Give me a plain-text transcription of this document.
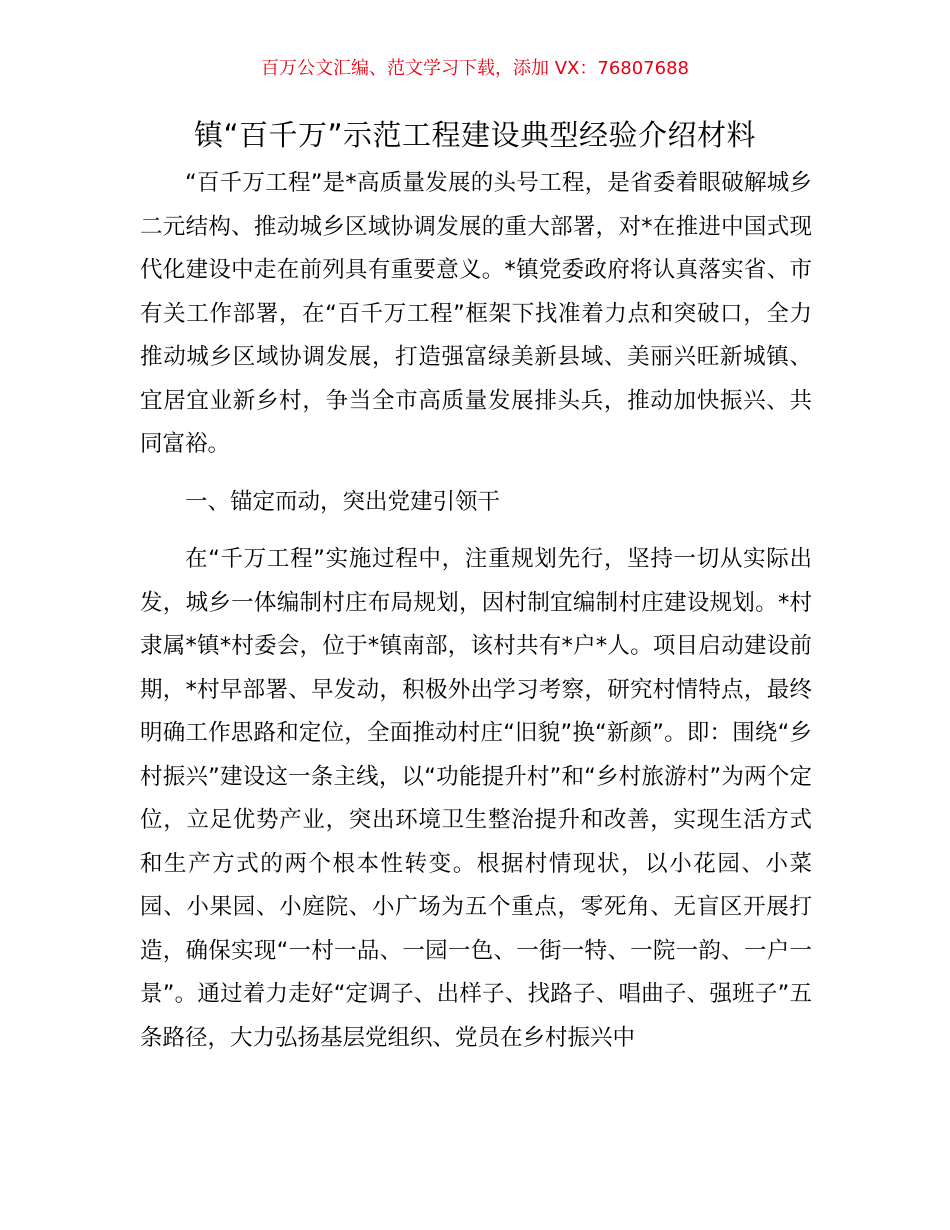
百万公文汇编、范文学习下载，添加 VX：76807688
镇“百千万”示范工程建设典型经验介绍材料

“百千万工程”是*高质量发展的头号工程，是省委着眼破解城乡二元结构、推动城乡区域协调发展的重大部署，对*在推进中国式现代化建设中走在前列具有重要意义。*镇党委政府将认真落实省、市有关工作部署，在“百千万工程”框架下找准着力点和突破口，全力推动城乡区域协调发展，打造强富绿美新县域、美丽兴旺新城镇、宜居宜业新乡村，争当全市高质量发展排头兵，推动加快振兴、共同富裕。

一、锚定而动，突出党建引领干

在“千万工程”实施过程中，注重规划先行，坚持一切从实际出发，城乡一体编制村庄布局规划，因村制宜编制村庄建设规划。*村隶属*镇*村委会，位于*镇南部，该村共有*户*人。项目启动建设前期，*村早部署、早发动，积极外出学习考察，研究村情特点，最终明确工作思路和定位，全面推动村庄“旧貌”换“新颜”。即：围绕“乡村振兴”建设这一条主线，以“功能提升村”和“乡村旅游村”为两个定位，立足优势产业，突出环境卫生整治提升和改善，实现生活方式和生产方式的两个根本性转变。根据村情现状，以小花园、小菜园、小果园、小庭院、小广场为五个重点，零死角、无盲区开展打造，确保实现“一村一品、一园一色、一街一特、一院一韵、一户一景”。通过着力走好“定调子、出样子、找路子、唱曲子、强班子”五条路径，大力弘扬基层党组织、党员在乡村振兴中
